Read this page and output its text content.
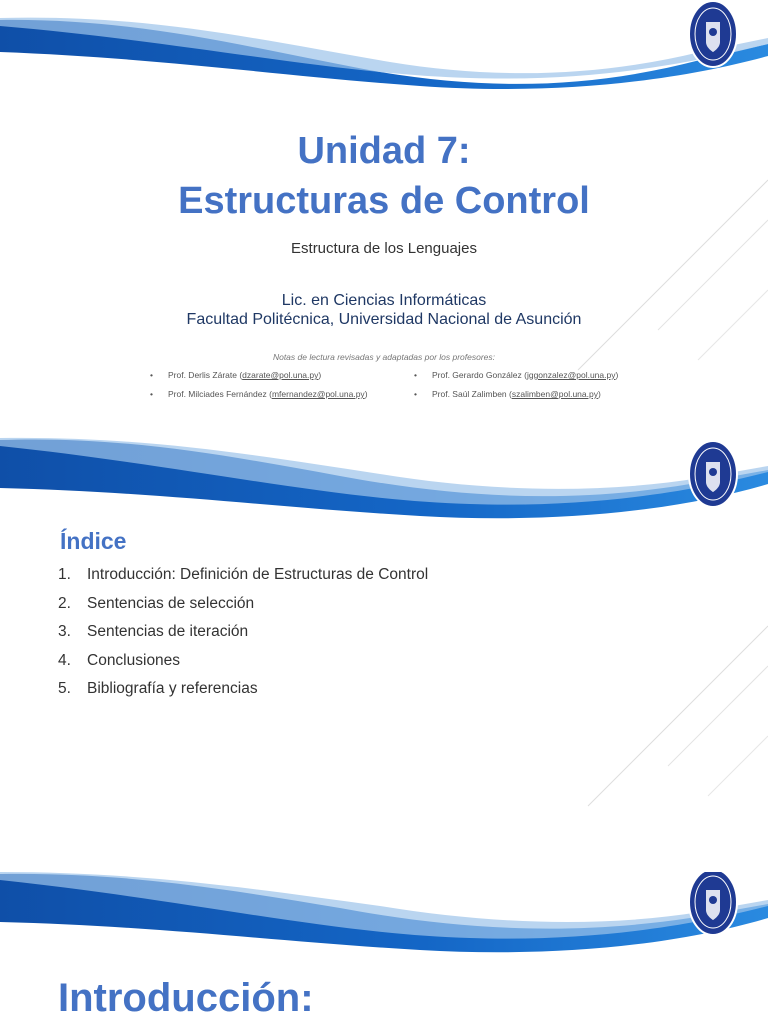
Unidad 7:
Estructuras de Control
Estructura de los Lenguajes
Lic. en Ciencias Informáticas
Facultad Politécnica, Universidad Nacional de Asunción
Notas de lectura revisadas y adaptadas por los profesores:
• Prof. Derlis Zárate (dzarate@pol.una.py)	• Prof. Gerardo González (jggonzalez@pol.una.py)
• Prof. Milciades Fernández (mfernandez@pol.una.py)	• Prof. Saúl Zalimben (szalimben@pol.una.py)
Índice
1. Introducción: Definición de Estructuras de Control
2. Sentencias de selección
3. Sentencias de iteración
4. Conclusiones
5. Bibliografía y referencias
Introducción:
